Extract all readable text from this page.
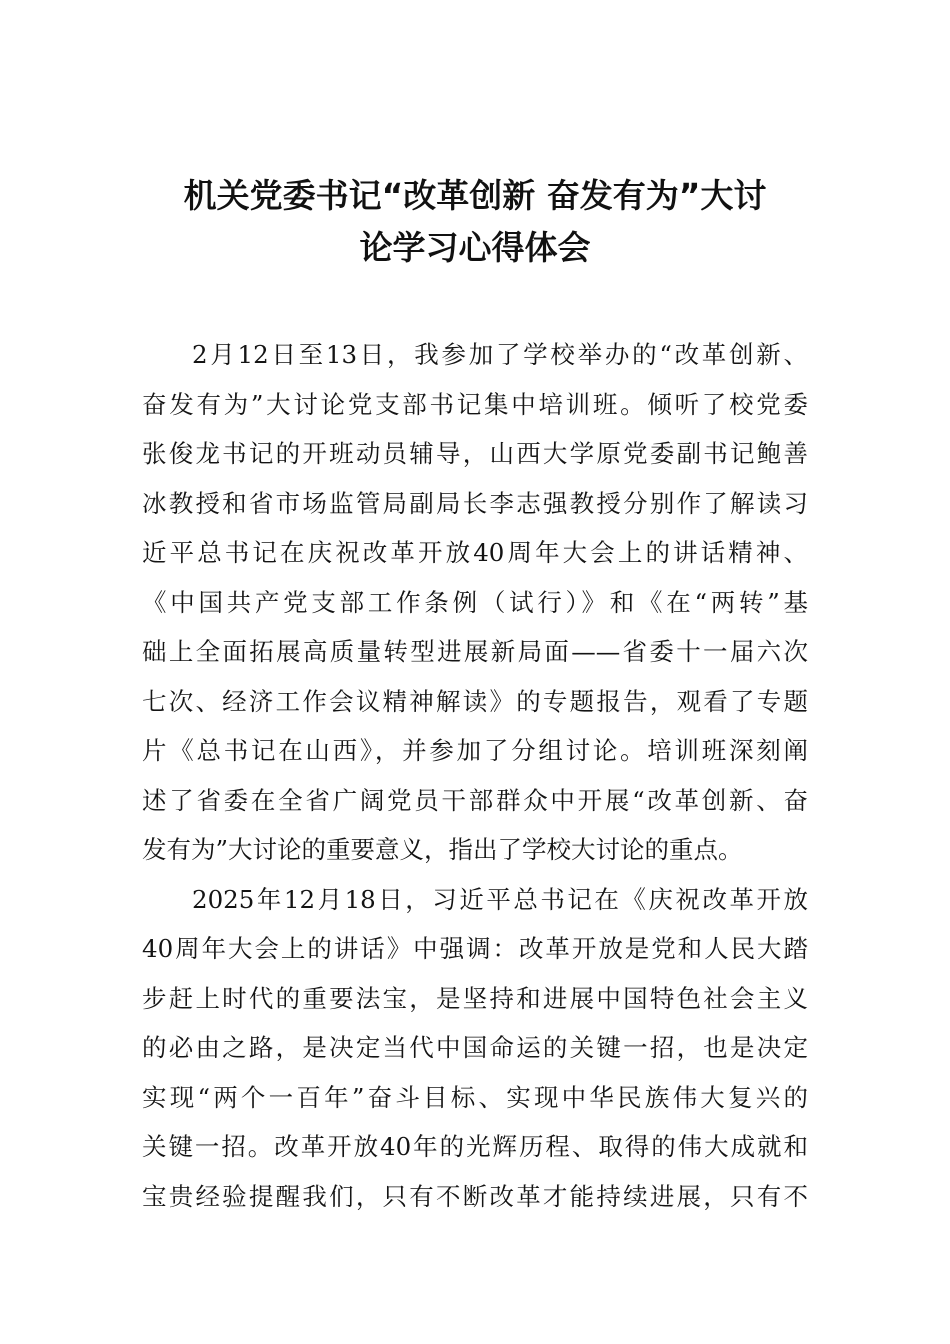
机关党委书记“改革创新 奋发有为”大讨
论学习心得体会
2月12日至13日，我参加了学校举办的“改革创新、
奋发有为”大讨论党支部书记集中培训班。倾听了校党委
张俊龙书记的开班动员辅导，山西大学原党委副书记鲍善
冰教授和省市场监管局副局长李志强教授分别作了解读习
近平总书记在庆祝改革开放40周年大会上的讲话精神、
《中国共产党支部工作条例（试行）》和《在“两转”基
础上全面拓展高质量转型进展新局面——省委十一届六次
七次、经济工作会议精神解读》的专题报告，观看了专题
片《总书记在山西》，并参加了分组讨论。培训班深刻阐
述了省委在全省广阔党员干部群众中开展“改革创新、奋
发有为”大讨论的重要意义，指出了学校大讨论的重点。
2025年12月18日，习近平总书记在《庆祝改革开放
40周年大会上的讲话》中强调：改革开放是党和人民大踏
步赶上时代的重要法宝，是坚持和进展中国特色社会主义
的必由之路，是决定当代中国命运的关键一招，也是决定
实现“两个一百年”奋斗目标、实现中华民族伟大复兴的
关键一招。改革开放40年的光辉历程、取得的伟大成就和
宝贵经验提醒我们，只有不断改革才能持续进展，只有不
